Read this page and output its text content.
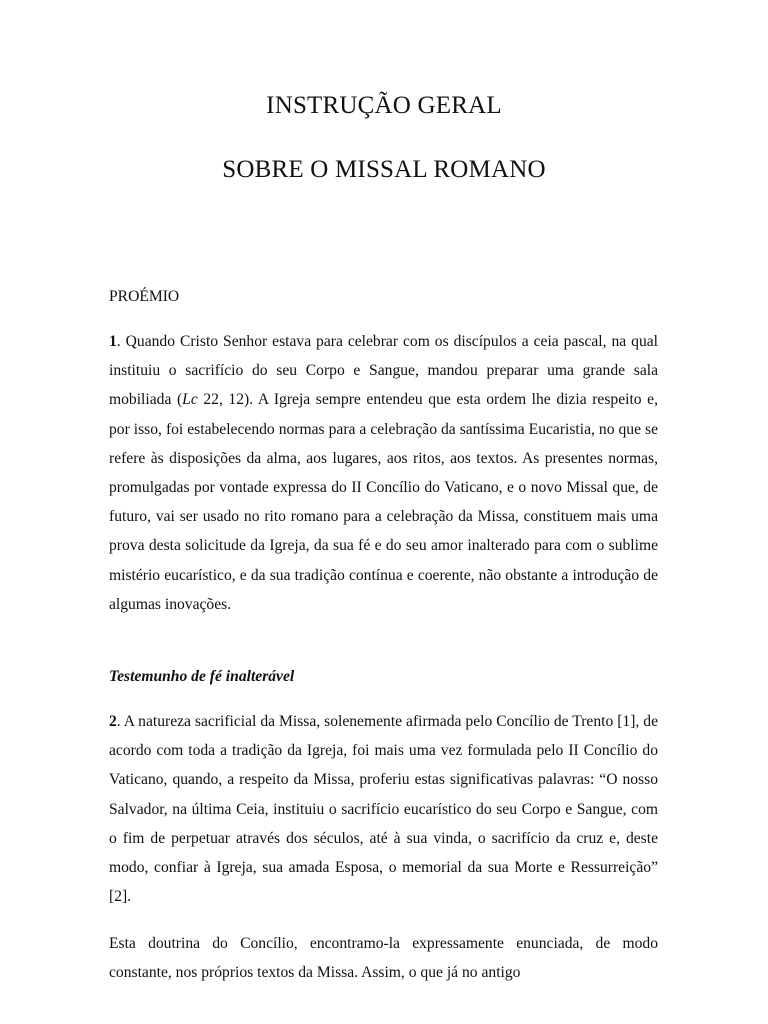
INSTRUÇÃO GERAL
SOBRE O MISSAL ROMANO

PROÉMIO

1. Quando Cristo Senhor estava para celebrar com os discípulos a ceia pascal, na qual instituiu o sacrifício do seu Corpo e Sangue, mandou preparar uma grande sala mobiliada (Lc 22, 12). A Igreja sempre entendeu que esta ordem lhe dizia respeito e, por isso, foi estabelecendo normas para a celebração da santíssima Eucaristia, no que se refere às disposições da alma, aos lugares, aos ritos, aos textos. As presentes normas, promulgadas por vontade expressa do II Concílio do Vaticano, e o novo Missal que, de futuro, vai ser usado no rito romano para a celebração da Missa, constituem mais uma prova desta solicitude da Igreja, da sua fé e do seu amor inalterado para com o sublime mistério eucarístico, e da sua tradição contínua e coerente, não obstante a introdução de algumas inovações.

Testemunho de fé inalterável

2. A natureza sacrificial da Missa, solenemente afirmada pelo Concílio de Trento [1], de acordo com toda a tradição da Igreja, foi mais uma vez formulada pelo II Concílio do Vaticano, quando, a respeito da Missa, proferiu estas significativas palavras: “O nosso Salvador, na última Ceia, instituiu o sacrifício eucarístico do seu Corpo e Sangue, com o fim de perpetuar através dos séculos, até à sua vinda, o sacrifício da cruz e, deste modo, confiar à Igreja, sua amada Esposa, o memorial da sua Morte e Ressurreição” [2].

Esta doutrina do Concílio, encontramo-la expressamente enunciada, de modo constante, nos próprios textos da Missa. Assim, o que já no antigo
